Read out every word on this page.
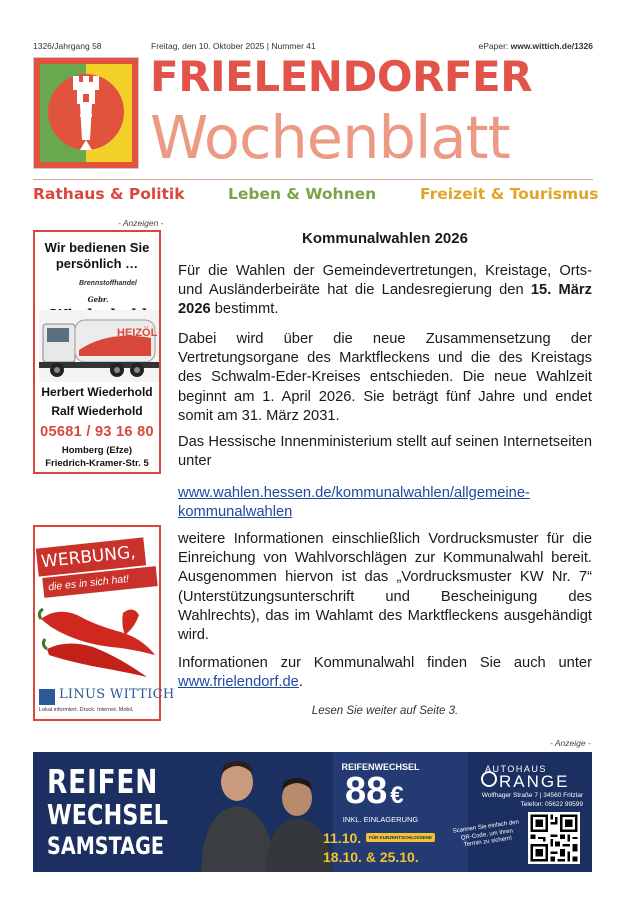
1326/Jahrgang 58	Freitag, den 10. Oktober 2025 | Nummer 41	ePaper: www.wittich.de/1326
FRIELENDORFER
Wochenblatt
Rathaus & Politik	Leben & Wohnen	Freizeit & Tourismus
- Anzeigen -
Wir bedienen Sie persönlich …
Brennstoffhandel
Gebr.
HEIZÖL
Herbert Wiederhold
Ralf Wiederhold
05681 / 93 16 80
Homberg (Efze)
Friedrich-Kramer-Str. 5
WERBUNG,
die es in sich hat!
LINUS WITTICH
Lokal informiert. Druck. Internet. Mobil.
Kommunalwahlen 2026

Für die Wahlen der Gemeindevertretungen, Kreistage, Orts- und Ausländerbeiräte hat die Landesregierung den 15. März 2026 bestimmt.

Dabei wird über die neue Zusammensetzung der Vertretungsorgane des Marktfleckens und die des Kreistags des Schwalm-Eder-Kreises entschieden. Die neue Wahlzeit beginnt am 1. April 2026. Sie beträgt fünf Jahre und endet somit am 31. März 2031.

Das Hessische Innenministerium stellt auf seinen Internetseiten unter

www.wahlen.hessen.de/kommunalwahlen/allgemeine-kommunalwahlen

weitere Informationen einschließlich Vordrucksmuster für die Einreichung von Wahlvorschlägen zur Kommunalwahl bereit. Ausgenommen hiervon ist das „Vordrucksmuster KW Nr. 7“ (Unterstützungsunterschrift und Bescheinigung des Wahlrechts), das im Wahlamt des Marktfleckens ausgehändigt wird.

Informationen zur Kommunalwahl finden Sie auch unter www.frielendorf.de.

Lesen Sie weiter auf Seite 3.
- Anzeige -
REIFEN
WECHSEL
SAMSTAGE
REIFENWECHSEL
88 €
INKL. EINLAGERUNG
11.10.	FÜR KURZENTSCHLOSSENE
18.10. & 25.10.
AUTOHAUS
RANGE
Wolfhager Straße 7 | 34560 Fritzlar
Telefon: 05622 99599
Scannen Sie einfach den QR-Code, um Ihren Termin zu sichern!
